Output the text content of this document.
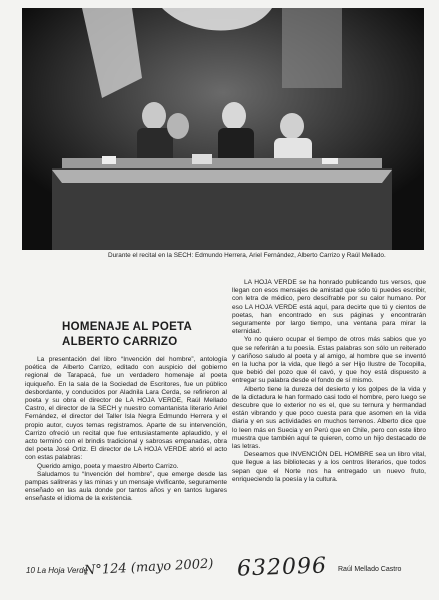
Durante el recital en la SECH: Edmundo Herrera, Ariel Fernández, Alberto Carrizo y Raúl Mellado.
HOMENAJE AL POETA
ALBERTO CARRIZO

La presentación del libro “Invención del hombre”, antología poética de Alberto Carrizo, editado con auspicio del gobierno regional de Tarapacá, fue un verdadero homenaje al poeta iquiqueño. En la sala de la Sociedad de Escritores, fue un público desbordante, y conducidos por Aladnila Lara Cerda, se refirieron al poeta y su obra el director de LA HOJA VERDE, Raúl Mellado Castro, el director de la SECH y nuestro comantanista literario Ariel Fernández, el director del Taller Isla Negra Edmundo Herrera y el propio autor, cuyos temas registramos. Aparte de su intervención, Carrizo ofreció un recital que fue entusiastamente aplaudido, y el acto terminó con el brindis tradicional y sabrosas empanadas, obra del poeta José Ortiz. El director de LA HOJA VERDE abrió el acto con estas palabras:

Querido amigo, poeta y maestro Alberto Carrizo.

Saludamos tu “Invención del hombre”, que emerge desde las pampas salitreras y las minas y un mensaje vivificante, seguramente enseñado en las aula donde por tantos años y en tantos lugares enseñaste el idioma de la existencia.

LA HOJA VERDE se ha honrado publicando tus versos, que llegan con esos mensajes de amistad que sólo tú puedes escribir, con letra de médico, pero descifrable por su calor humano. Por eso LA HOJA VERDE está aquí, para decirte que tú y cientos de poetas, han encontrado en sus páginas y encontrarán seguramente por largo tiempo, una ventana para mirar la eternidad.

Yo no quiero ocupar el tiempo de otros más sabios que yo que se referirán a tu poesía. Estas palabras son sólo un reiterado y cariñoso saludo al poeta y al amigo, al hombre que se inventó en la lucha por la vida, que llegó a ser Hijo Ilustre de Tocopilla, que bebió del pozo que él cavó, y que hoy está dispuesto a entregar su palabra desde el fondo de sí mismo.

Alberto tiene la dureza del desierto y los golpes de la vida y de la dictadura le han formado casi todo el hombre, pero luego se descubre que lo exterior no es el, que su ternura y hermandad están vibrando y que poco cuesta para que asomen en la vida diaria y en sus actividades en muchos terrenos. Alberto dice que lo leen más en Suecia y en Perú que en Chile, pero con este libro muestra que también aquí te quieren, como un hijo destacado de las letras.

Deseamos que INVENCIÓN DEL HOMBRE sea un libro vital, que llegue a las bibliotecas y a los centros literarios, que todos sepan que el Norte nos ha entregado un nuevo fruto, enriqueciendo la poesía y la cultura.

10 La Hoja Verde
N°124 (mayo 2002) 632096 Raúl Mellado Castro
